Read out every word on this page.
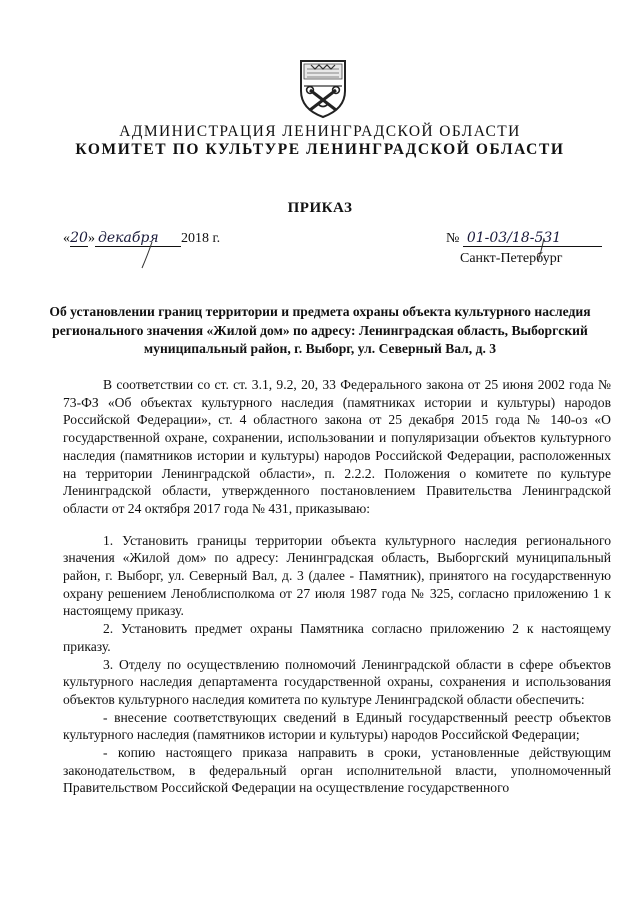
АДМИНИСТРАЦИЯ ЛЕНИНГРАДСКОЙ ОБЛАСТИ
КОМИТЕТ ПО КУЛЬТУРЕ ЛЕНИНГРАДСКОЙ ОБЛАСТИ
ПРИКАЗ
«20» декабря 2018 г.	№ 01-03/18-531
Санкт-Петербург
Об установлении границ территории и предмета охраны объекта культурного наследия регионального значения «Жилой дом» по адресу: Ленинградская область, Выборгский муниципальный район, г. Выборг, ул. Северный Вал, д. 3

В соответствии со ст. ст. 3.1, 9.2, 20, 33 Федерального закона от 25 июня 2002 года № 73-ФЗ «Об объектах культурного наследия (памятниках истории и культуры) народов Российской Федерации», ст. 4 областного закона от 25 декабря 2015 года № 140-оз «О государственной охране, сохранении, использовании и популяризации объектов культурного наследия (памятников истории и культуры) народов Российской Федерации, расположенных на территории Ленинградской области», п. 2.2.2. Положения о комитете по культуре Ленинградской области, утвержденного постановлением Правительства Ленинградской области от 24 октября 2017 года № 431, приказываю:

1. Установить границы территории объекта культурного наследия регионального значения «Жилой дом» по адресу: Ленинградская область, Выборгский муниципальный район, г. Выборг, ул. Северный Вал, д. 3 (далее - Памятник), принятого на государственную охрану решением Леноблисполкома от 27 июля 1987 года № 325, согласно приложению 1 к настоящему приказу.

2. Установить предмет охраны Памятника согласно приложению 2 к настоящему приказу.

3. Отделу по осуществлению полномочий Ленинградской области в сфере объектов культурного наследия департамента государственной охраны, сохранения и использования объектов культурного наследия комитета по культуре Ленинградской области обеспечить:

- внесение соответствующих сведений в Единый государственный реестр объектов культурного наследия (памятников истории и культуры) народов Российской Федерации;

- копию настоящего приказа направить в сроки, установленные действующим законодательством, в федеральный орган исполнительной власти, уполномоченный Правительством Российской Федерации на осуществление государственного
